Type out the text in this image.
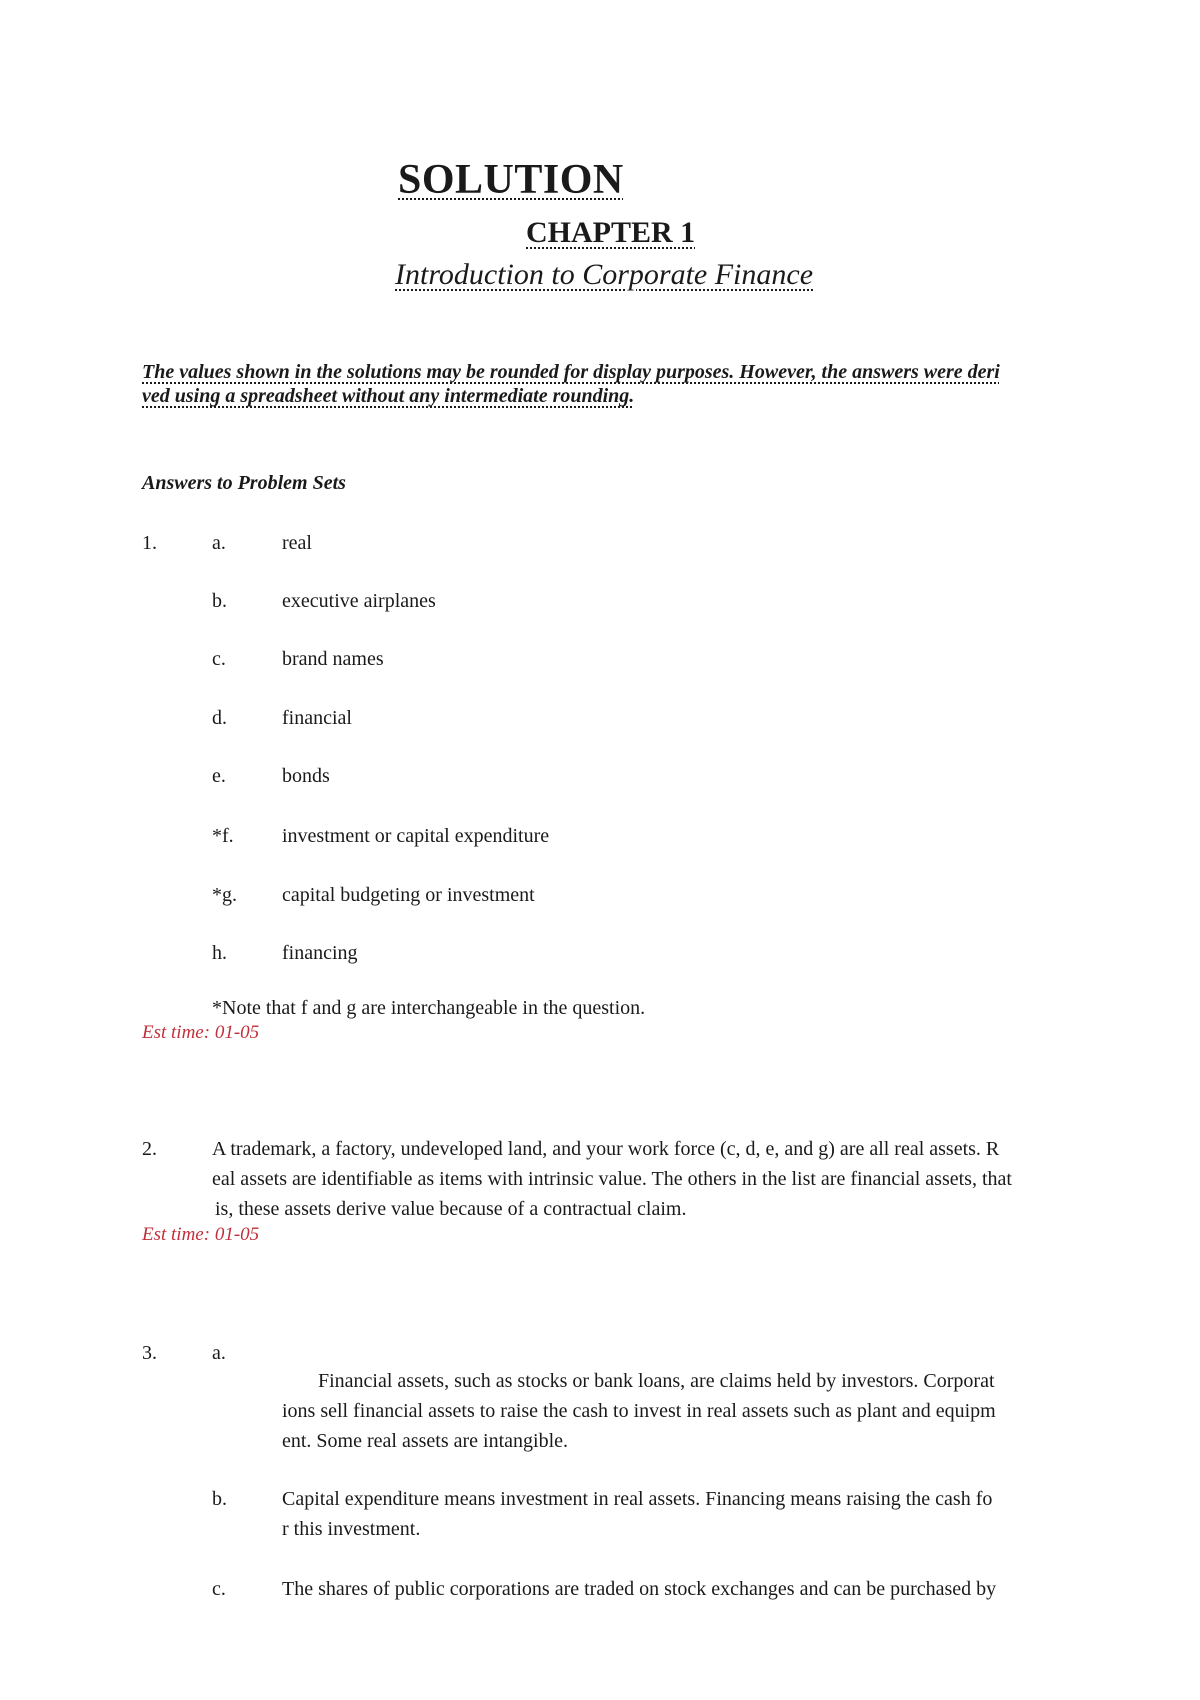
SOLUTION
CHAPTER 1
Introduction to Corporate Finance
The values shown in the solutions may be rounded for display purposes. However, the answers were deri
ved using a spreadsheet without any intermediate rounding.
Answers to Problem Sets
1.	a.	real
b.	executive airplanes
c.	brand names
d.	financial
e.	bonds
*f. investment or capital expenditure
*g. capital budgeting or investment
h.	financing
*Note that f and g are interchangeable in the question.
Est time: 01-05
2.	A trademark, a factory, undeveloped land, and your work force (c, d, e, and g) are all real assets. R
eal assets are identifiable as items with intrinsic value. The others in the list are financial assets, that
is, these assets derive value because of a contractual claim.
Est time: 01-05
3.	a.
Financial assets, such as stocks or bank loans, are claims held by investors. Corporat
ions sell financial assets to raise the cash to invest in real assets such as plant and equipm
ent. Some real assets are intangible.
b.	Capital expenditure means investment in real assets. Financing means raising the cash fo
r this investment.
c.	The shares of public corporations are traded on stock exchanges and can be purchased by
